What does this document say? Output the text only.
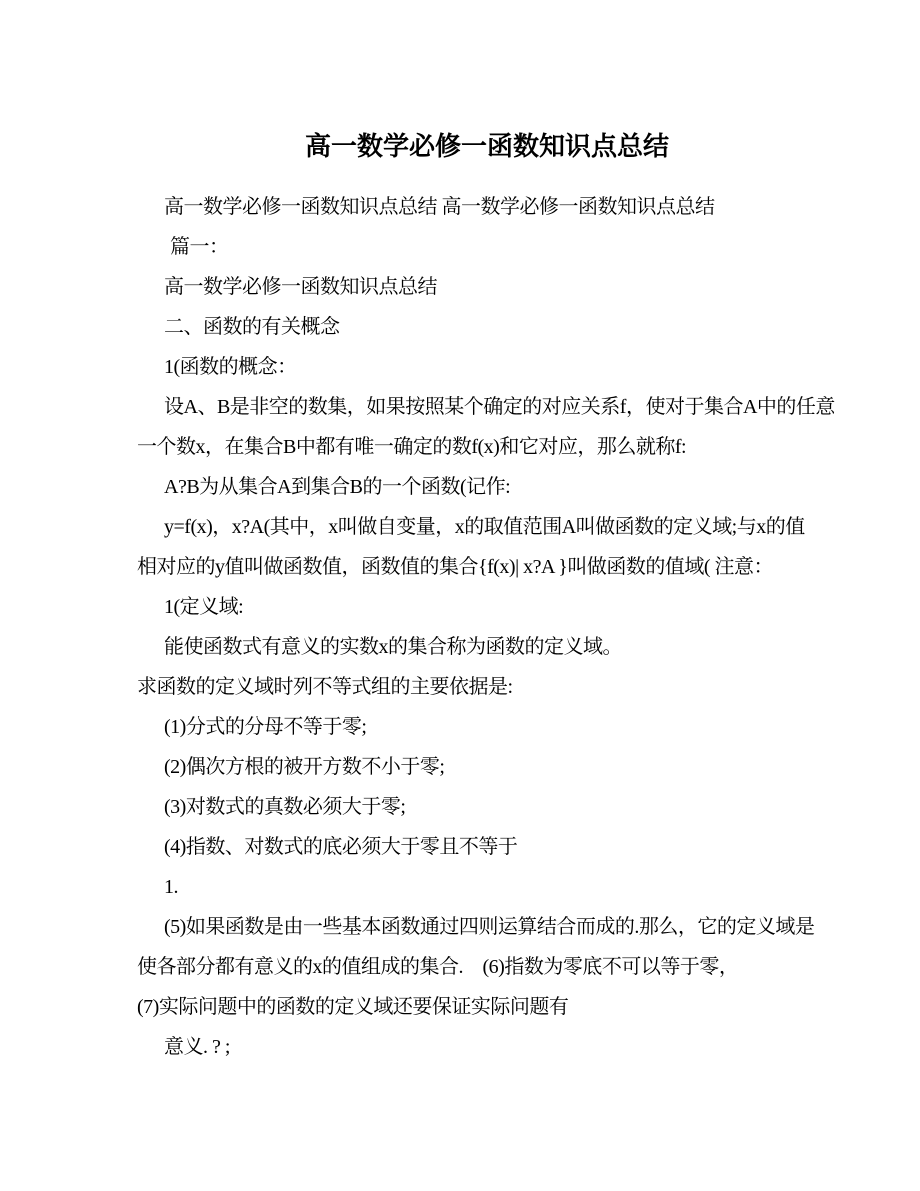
高一数学必修一函数知识点总结
高一数学必修一函数知识点总结 高一数学必修一函数知识点总结
篇一：
高一数学必修一函数知识点总结
二、函数的有关概念
1(函数的概念：
设A、B是非空的数集，如果按照某个确定的对应关系f，使对于集合A中的任意
一个数x，在集合B中都有唯一确定的数f(x)和它对应，那么就称f:
A?B为从集合A到集合B的一个函数(记作:
y=f(x)，x?A(其中，x叫做自变量，x的取值范围A叫做函数的定义域;与x的值
相对应的y值叫做函数值，函数值的集合{f(x)| x?A }叫做函数的值域( 注意：
1(定义域:
能使函数式有意义的实数x的集合称为函数的定义域。
求函数的定义域时列不等式组的主要依据是:
(1)分式的分母不等于零;
(2)偶次方根的被开方数不小于零;
(3)对数式的真数必须大于零;
(4)指数、对数式的底必须大于零且不等于
1.
(5)如果函数是由一些基本函数通过四则运算结合而成的.那么，它的定义域是
使各部分都有意义的x的值组成的集合.　(6)指数为零底不可以等于零，
(7)实际问题中的函数的定义域还要保证实际问题有
意义. ? ;
